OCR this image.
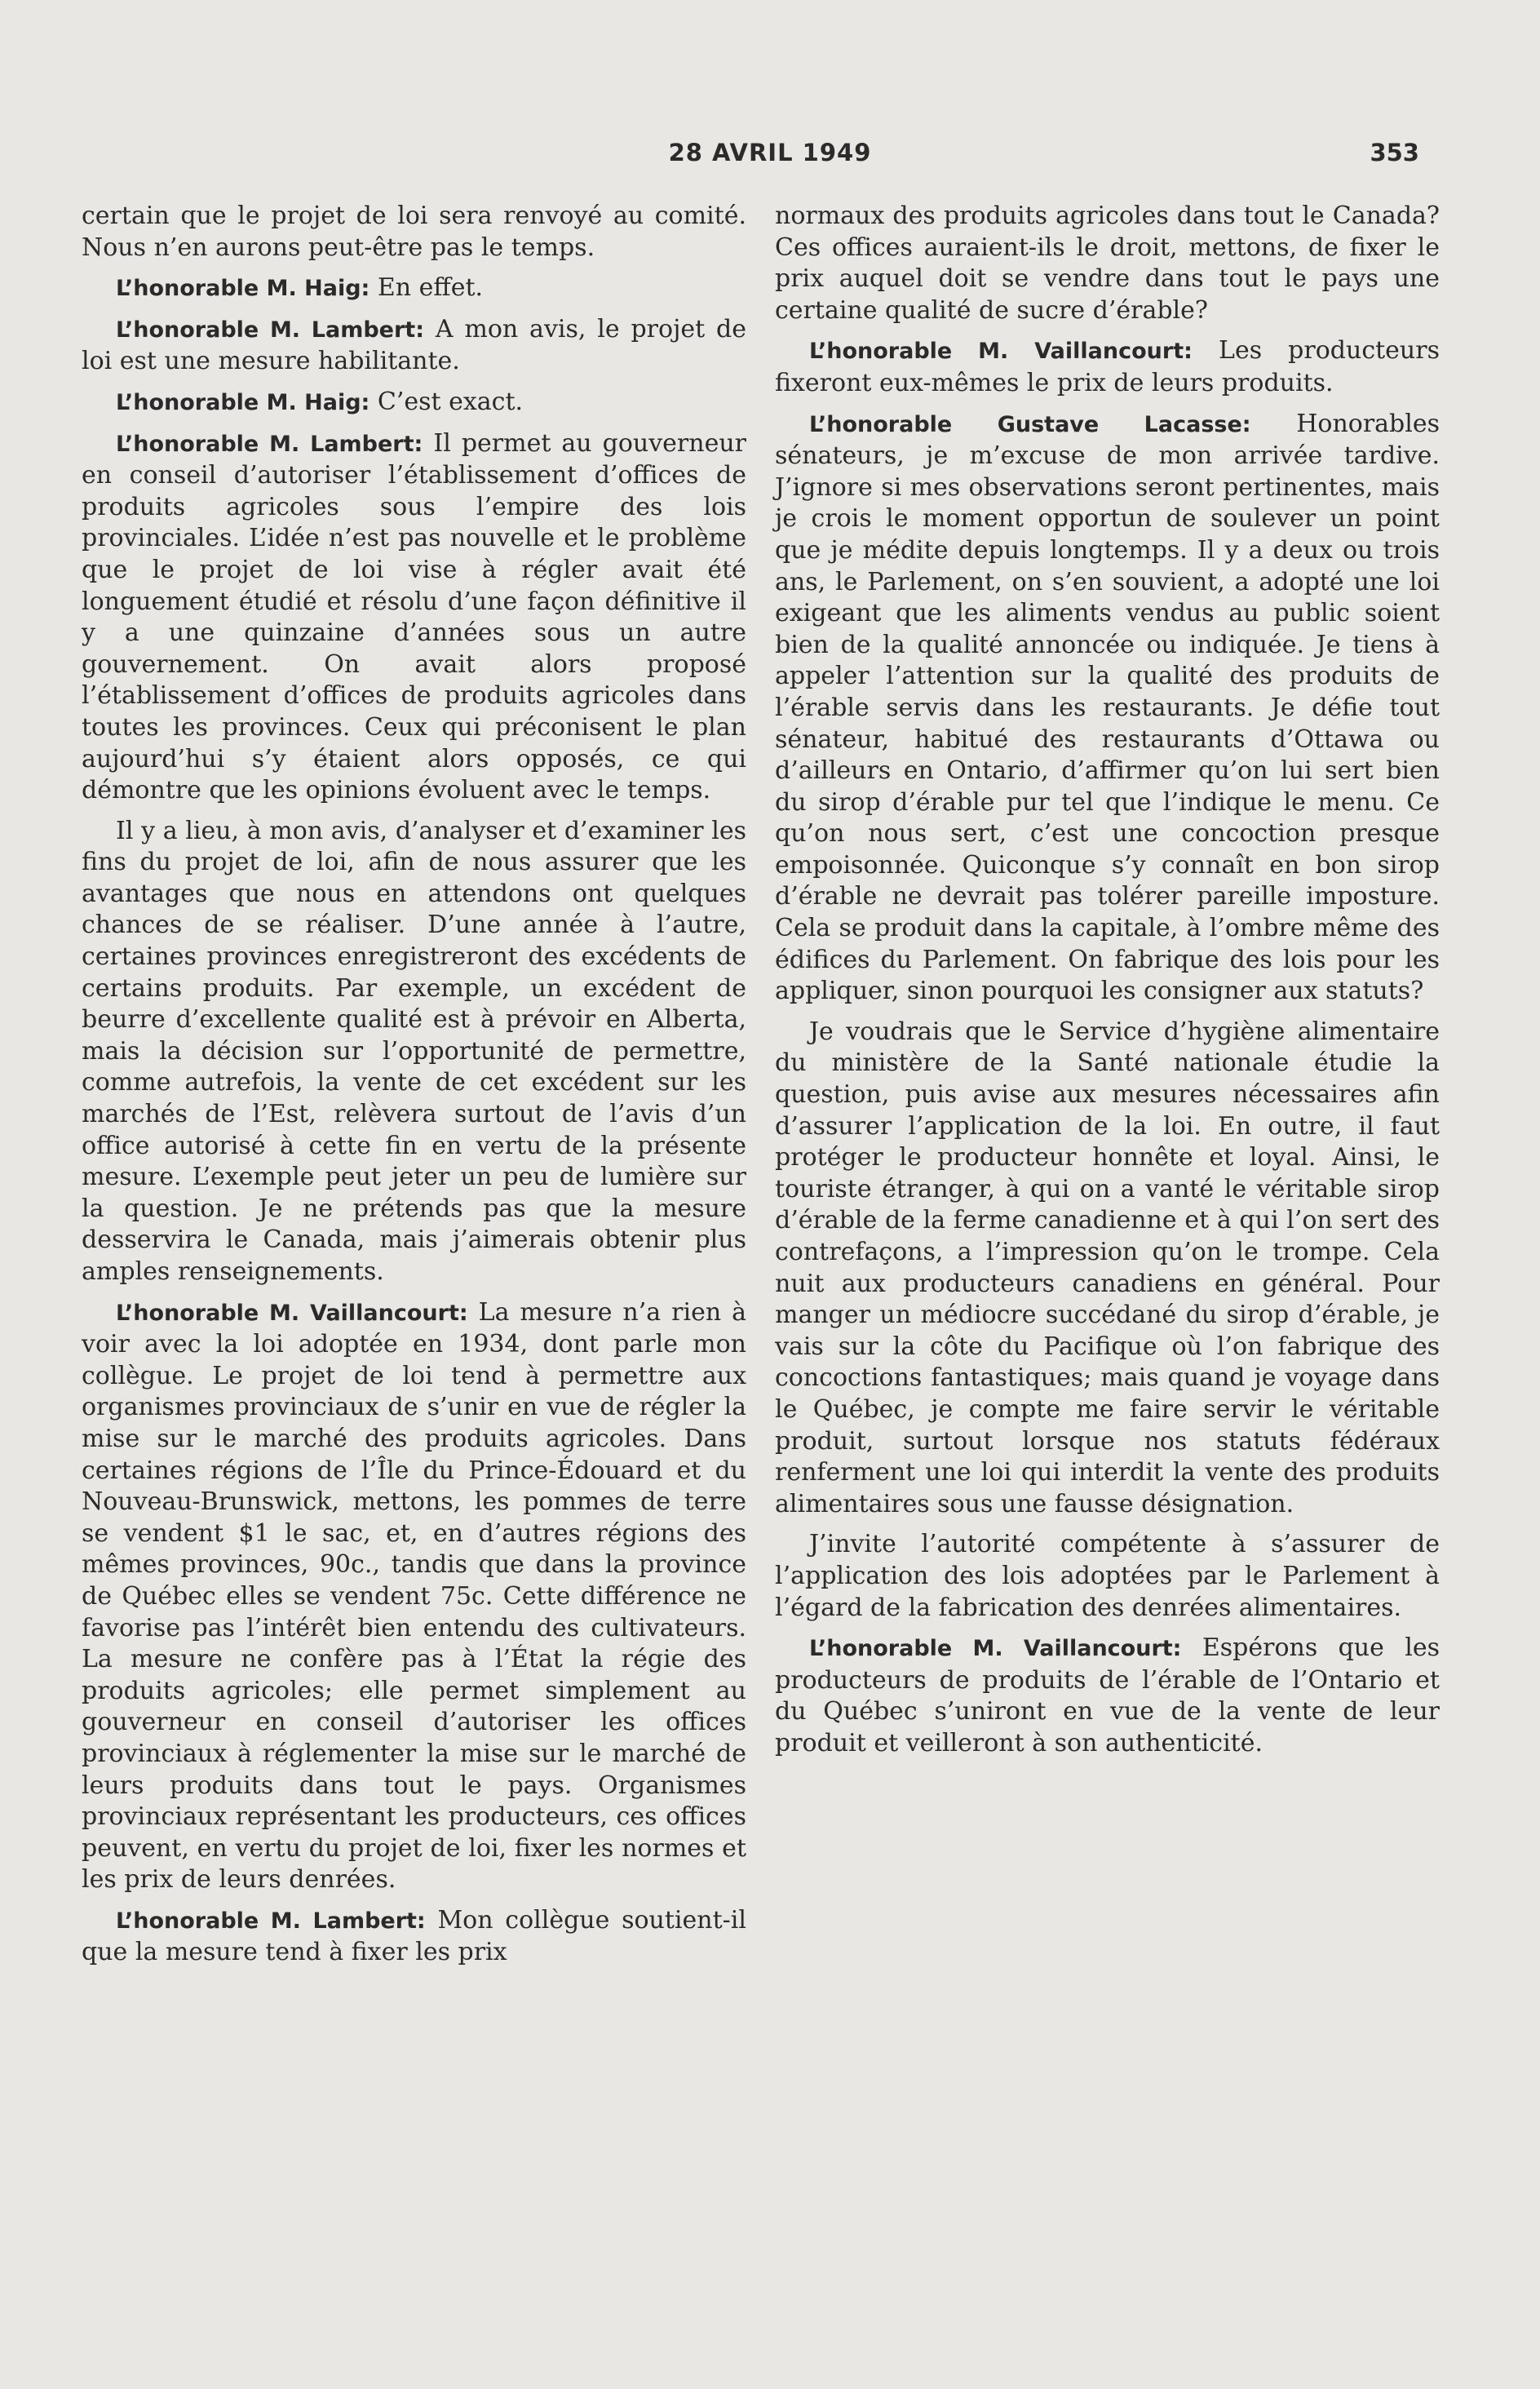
28 AVRIL 1949	353

certain que le projet de loi sera renvoyé au comité. Nous n’en aurons peut-être pas le temps.

L’honorable M. Haig: En effet.

L’honorable M. Lambert: A mon avis, le projet de loi est une mesure habilitante.

L’honorable M. Haig: C’est exact.

L’honorable M. Lambert: Il permet au gouverneur en conseil d’autoriser l’établissement d’offices de produits agricoles sous l’empire des lois provinciales. L’idée n’est pas nouvelle et le problème que le projet de loi vise à régler avait été longuement étudié et résolu d’une façon définitive il y a une quinzaine d’années sous un autre gouvernement. On avait alors proposé l’établissement d’offices de produits agricoles dans toutes les provinces. Ceux qui préconisent le plan aujourd’hui s’y étaient alors opposés, ce qui démontre que les opinions évoluent avec le temps.

Il y a lieu, à mon avis, d’analyser et d’examiner les fins du projet de loi, afin de nous assurer que les avantages que nous en attendons ont quelques chances de se réaliser. D’une année à l’autre, certaines provinces enregistreront des excédents de certains produits. Par exemple, un excédent de beurre d’excellente qualité est à prévoir en Alberta, mais la décision sur l’opportunité de permettre, comme autrefois, la vente de cet excédent sur les marchés de l’Est, relèvera surtout de l’avis d’un office autorisé à cette fin en vertu de la présente mesure. L’exemple peut jeter un peu de lumière sur la question. Je ne prétends pas que la mesure desservira le Canada, mais j’aimerais obtenir plus amples renseignements.

L’honorable M. Vaillancourt: La mesure n’a rien à voir avec la loi adoptée en 1934, dont parle mon collègue. Le projet de loi tend à permettre aux organismes provinciaux de s’unir en vue de régler la mise sur le marché des produits agricoles. Dans certaines régions de l’Île du Prince-Édouard et du Nouveau-Brunswick, mettons, les pommes de terre se vendent $1 le sac, et, en d’autres régions des mêmes provinces, 90c., tandis que dans la province de Québec elles se vendent 75c. Cette différence ne favorise pas l’intérêt bien entendu des cultivateurs. La mesure ne confère pas à l’État la régie des produits agricoles; elle permet simplement au gouverneur en conseil d’autoriser les offices provinciaux à réglementer la mise sur le marché de leurs produits dans tout le pays. Organismes provinciaux représentant les producteurs, ces offices peuvent, en vertu du projet de loi, fixer les normes et les prix de leurs denrées.

L’honorable M. Lambert: Mon collègue soutient-il que la mesure tend à fixer les prix

normaux des produits agricoles dans tout le Canada? Ces offices auraient-ils le droit, mettons, de fixer le prix auquel doit se vendre dans tout le pays une certaine qualité de sucre d’érable?

L’honorable M. Vaillancourt: Les producteurs fixeront eux-mêmes le prix de leurs produits.

L’honorable Gustave Lacasse: Honorables sénateurs, je m’excuse de mon arrivée tardive. J’ignore si mes observations seront pertinentes, mais je crois le moment opportun de soulever un point que je médite depuis longtemps. Il y a deux ou trois ans, le Parlement, on s’en souvient, a adopté une loi exigeant que les aliments vendus au public soient bien de la qualité annoncée ou indiquée. Je tiens à appeler l’attention sur la qualité des produits de l’érable servis dans les restaurants. Je défie tout sénateur, habitué des restaurants d’Ottawa ou d’ailleurs en Ontario, d’affirmer qu’on lui sert bien du sirop d’érable pur tel que l’indique le menu. Ce qu’on nous sert, c’est une concoction presque empoisonnée. Quiconque s’y connaît en bon sirop d’érable ne devrait pas tolérer pareille imposture. Cela se produit dans la capitale, à l’ombre même des édifices du Parlement. On fabrique des lois pour les appliquer, sinon pourquoi les consigner aux statuts?

Je voudrais que le Service d’hygiène alimentaire du ministère de la Santé nationale étudie la question, puis avise aux mesures nécessaires afin d’assurer l’application de la loi. En outre, il faut protéger le producteur honnête et loyal. Ainsi, le touriste étranger, à qui on a vanté le véritable sirop d’érable de la ferme canadienne et à qui l’on sert des contrefaçons, a l’impression qu’on le trompe. Cela nuit aux producteurs canadiens en général. Pour manger un médiocre succédané du sirop d’érable, je vais sur la côte du Pacifique où l’on fabrique des concoctions fantastiques; mais quand je voyage dans le Québec, je compte me faire servir le véritable produit, surtout lorsque nos statuts fédéraux renferment une loi qui interdit la vente des produits alimentaires sous une fausse désignation.

J’invite l’autorité compétente à s’assurer de l’application des lois adoptées par le Parlement à l’égard de la fabrication des denrées alimentaires.

L’honorable M. Vaillancourt: Espérons que les producteurs de produits de l’érable de l’Ontario et du Québec s’uniront en vue de la vente de leur produit et veilleront à son authenticité.
